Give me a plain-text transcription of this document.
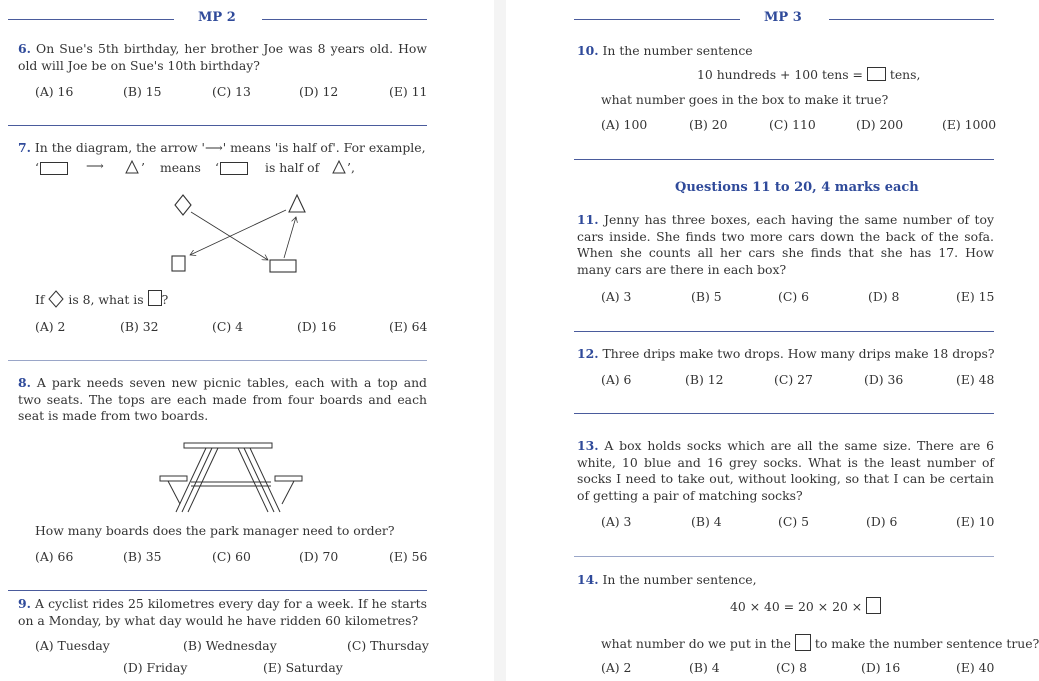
MP 2
6. On Sue's 5th birthday, her brother Joe was 8 years old. How old will Joe be on Sue's 10th birthday?
(A) 16	(B) 15	(C) 13	(D) 12	(E) 11
7. In the diagram, the arrow '⟶' means 'is half of'. For example,
‘	⟶	’ means ‘	is half of ’,
If is 8, what is ?
(A) 2	(B) 32	(C) 4	(D) 16	(E) 64
8. A park needs seven new picnic tables, each with a top and two seats. The tops are each made from four boards and each seat is made from two boards.
How many boards does the park manager need to order?
(A) 66	(B) 35	(C) 60	(D) 70	(E) 56
9. A cyclist rides 25 kilometres every day for a week. If he starts on a Monday, by what day would he have ridden 60 kilometres?
(A) Tuesday	(B) Wednesday	(C) Thursday
(D) Friday	(E) Saturday
MP 3
10. In the number sentence
10 hundreds + 100 tens = tens,
what number goes in the box to make it true?
(A) 100	(B) 20	(C) 110	(D) 200	(E) 1000
Questions 11 to 20, 4 marks each
11. Jenny has three boxes, each having the same number of toy cars inside. She finds two more cars down the back of the sofa. When she counts all her cars she finds that she has 17. How many cars are there in each box?
(A) 3	(B) 5	(C) 6	(D) 8	(E) 15
12. Three drips make two drops. How many drips make 18 drops?
(A) 6	(B) 12	(C) 27	(D) 36	(E) 48
13. A box holds socks which are all the same size. There are 6 white, 10 blue and 16 grey socks. What is the least number of socks I need to take out, without looking, so that I can be certain of getting a pair of matching socks?
(A) 3	(B) 4	(C) 5	(D) 6	(E) 10
14. In the number sentence,
40 × 40 = 20 × 20 ×
what number do we put in the to make the number sentence true?
(A) 2	(B) 4	(C) 8	(D) 16	(E) 40
